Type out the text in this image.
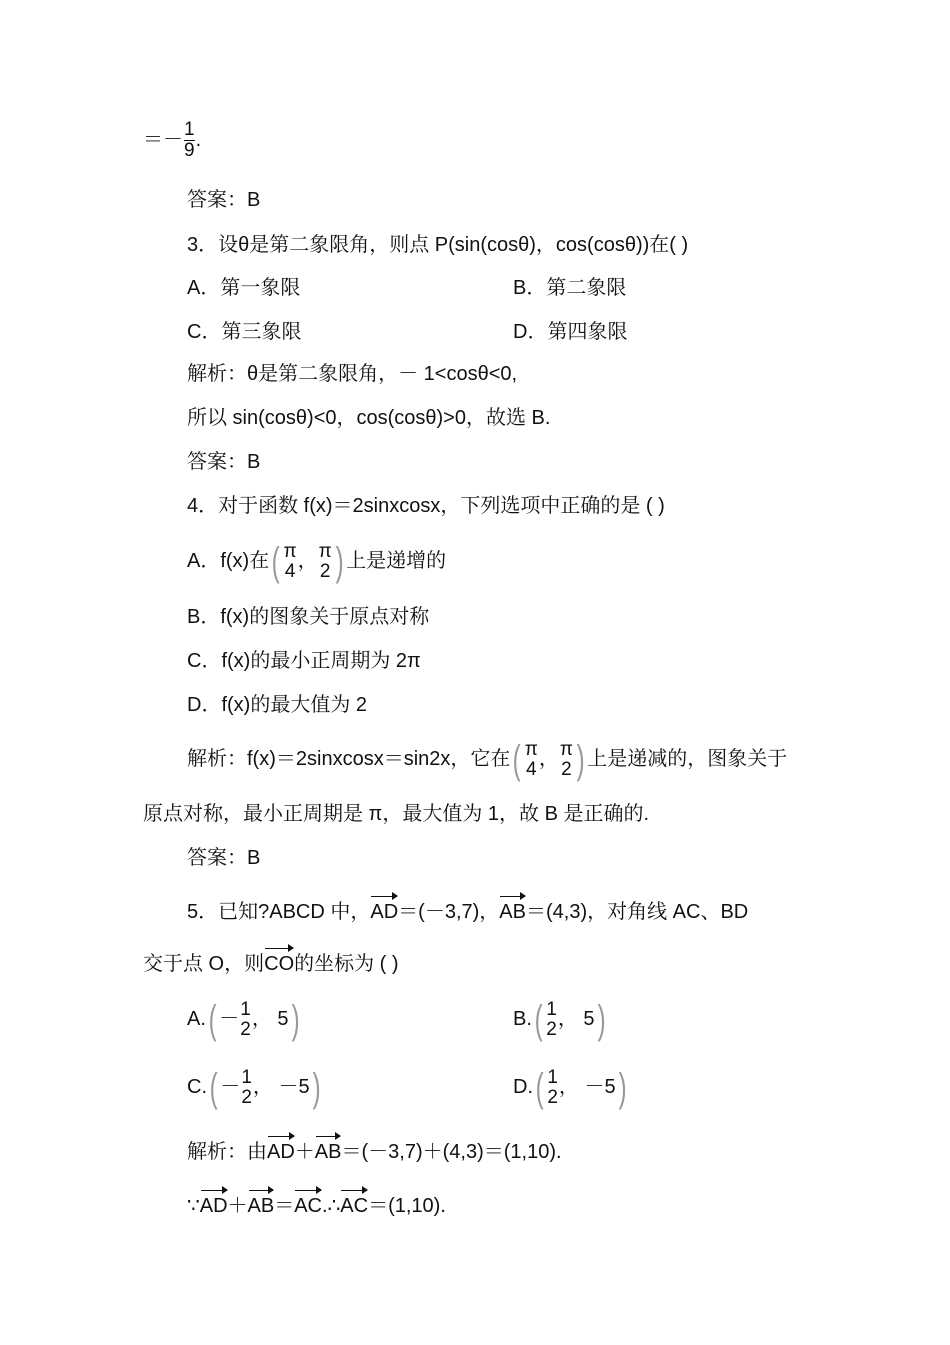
＝－ $\frac{1}{9}$ .
答案：B
3．设θ是第二象限角，则点 P(sin(cosθ)，cos(cosθ))在( )
A．第一象限	B．第二象限
C．第三象限	D．第四象限
解析：θ是第二象限角，－ 1<cosθ<0,
所以 sin(cosθ)<0，cos(cosθ)>0，故选 B.
答案：B
4．对于函数 f(x)＝2sinxcosx，下列选项中正确的是 ( )
A．f(x)在( π
4 ， π
2 ) 上是递增的
B．f(x)的图象关于原点对称
C．f(x)的最小正周期为 2π
D．f(x)的最大值为 2
解析：f(x)＝2sinxcosx＝sin2x，它在( π
4 ， π
2 ) 上是递减的，图象关于
原点对称，最小正周期是 π，最大值为 1，故 B 是正确的.
答案：B
5．已知?ABCD 中，AD＝(－3,7)，AB＝(4,3)，对角线 AC、BD
交于点 O，则CO的坐标为 ( )
A.( － 1
2 ， 5)	B.( 1
2 ， 5)
C.( － 1
2 ， －5)	D.( 1
2 ， －5)
解析：由AD＋AB＝(－3,7)＋(4,3)＝(1,10).
∵AD＋AB＝AC.∴AC＝(1,10).
